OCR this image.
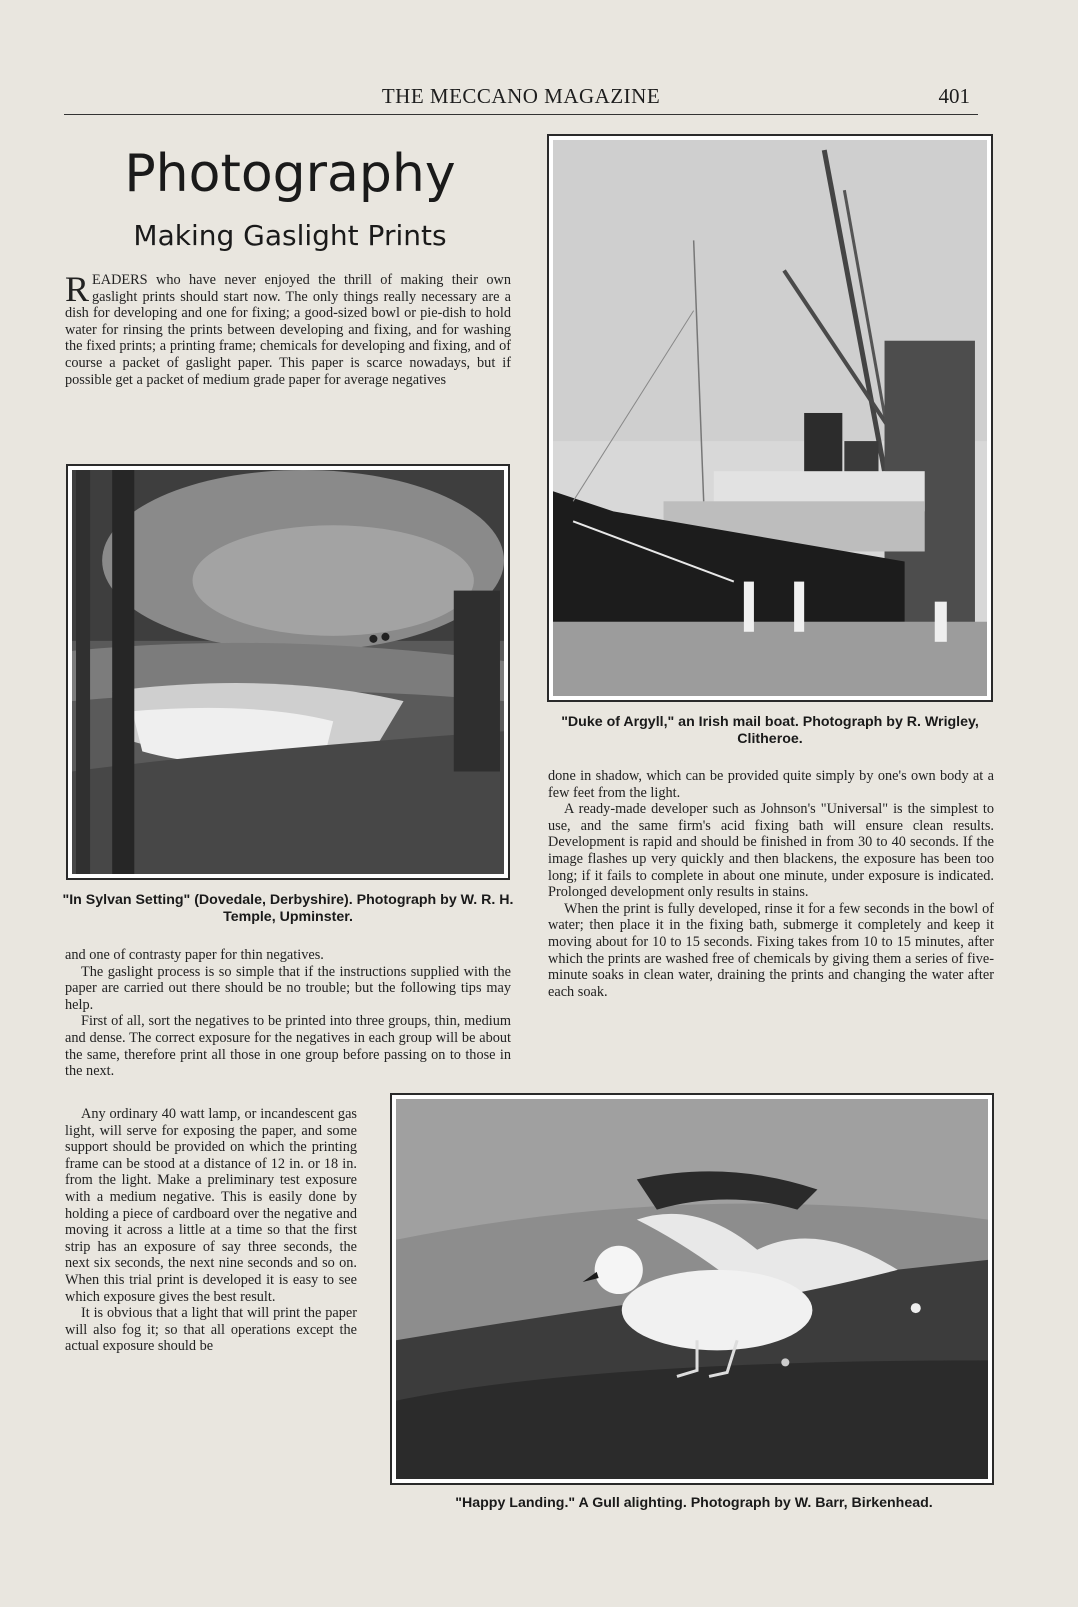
THE MECCANO MAGAZINE	401
Photography
Making Gaslight Prints

READERS who have never enjoyed the thrill of making their own gaslight prints should start now. The only things really necessary are a dish for developing and one for fixing; a good-sized bowl or pie-dish to hold water for rinsing the prints between developing and fixing, and for washing the fixed prints; a printing frame; chemicals for developing and fixing, and of course a packet of gaslight paper. This paper is scarce nowadays, but if possible get a packet of medium grade paper for average negatives

"In Sylvan Setting" (Dovedale, Derbyshire). Photograph by W. R. H. Temple, Upminster.

and one of contrasty paper for thin negatives.

The gaslight process is so simple that if the instructions supplied with the paper are carried out there should be no trouble; but the following tips may help.

First of all, sort the negatives to be printed into three groups, thin, medium and dense. The correct exposure for the negatives in each group will be about the same, therefore print all those in one group before passing on to those in the next.

Any ordinary 40 watt lamp, or incandescent gas light, will serve for exposing the paper, and some support should be provided on which the printing frame can be stood at a distance of 12 in. or 18 in. from the light. Make a preliminary test exposure with a medium negative. This is easily done by holding a piece of cardboard over the negative and moving it across a little at a time so that the first strip has an exposure of say three seconds, the next six seconds, the next nine seconds and so on. When this trial print is developed it is easy to see which exposure gives the best result.

It is obvious that a light that will print the paper will also fog it; so that all operations except the actual exposure should be

"Duke of Argyll," an Irish mail boat. Photograph by R. Wrigley, Clitheroe.

done in shadow, which can be provided quite simply by one's own body at a few feet from the light.

A ready-made developer such as Johnson's "Universal" is the simplest to use, and the same firm's acid fixing bath will ensure clean results. Development is rapid and should be finished in from 30 to 40 seconds. If the image flashes up very quickly and then blackens, the exposure has been too long; if it fails to complete in about one minute, under exposure is indicated. Prolonged development only results in stains.

When the print is fully developed, rinse it for a few seconds in the bowl of water; then place it in the fixing bath, submerge it completely and keep it moving about for 10 to 15 seconds. Fixing takes from 10 to 15 minutes, after which the prints are washed free of chemicals by giving them a series of five-minute soaks in clean water, draining the prints and changing the water after each soak.

"Happy Landing." A Gull alighting. Photograph by W. Barr, Birkenhead.
